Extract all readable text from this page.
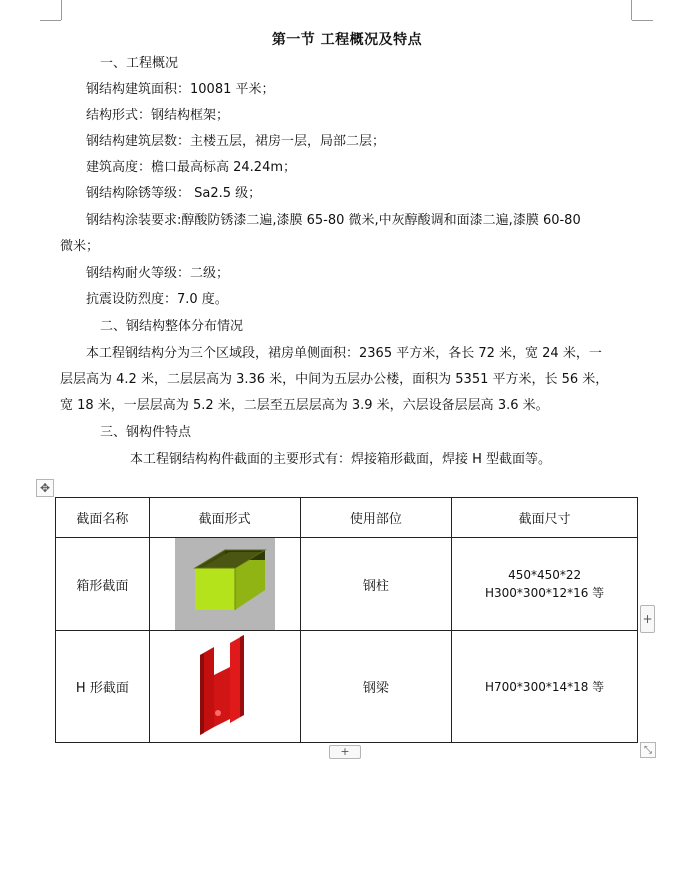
第一节 工程概况及特点
一、工程概况
钢结构建筑面积：10081 平米；
结构形式：钢结构框架；
钢结构建筑层数：主楼五层，裙房一层，局部二层；
建筑高度：檐口最高标高 24.24m；
钢结构除锈等级： Sa2.5 级；
钢结构涂装要求:醇酸防锈漆二遍,漆膜 65-80 微米,中灰醇酸调和面漆二遍,漆膜 60-80
微米；
钢结构耐火等级：二级；
抗震设防烈度：7.0 度。
二、钢结构整体分布情况
本工程钢结构分为三个区域段，裙房单侧面积：2365 平方米，各长 72 米，宽 24 米，一
层层高为 4.2 米，二层层高为 3.36 米，中间为五层办公楼，面积为 5351 平方米，长 56 米，
宽 18 米，一层层高为 5.2 米，二层至五层层高为 3.9 米，六层设备层层高 3.6 米。
三、钢构件特点
本工程钢结构构件截面的主要形式有：焊接箱形截面，焊接 H 型截面等。
✥
截面名称	截面形式	使用部位	截面尺寸
箱形截面		钢柱	450*450*22
H300*300*12*16 等

H 形截面		钢梁	H700*300*14*18 等
+
+	⤡
